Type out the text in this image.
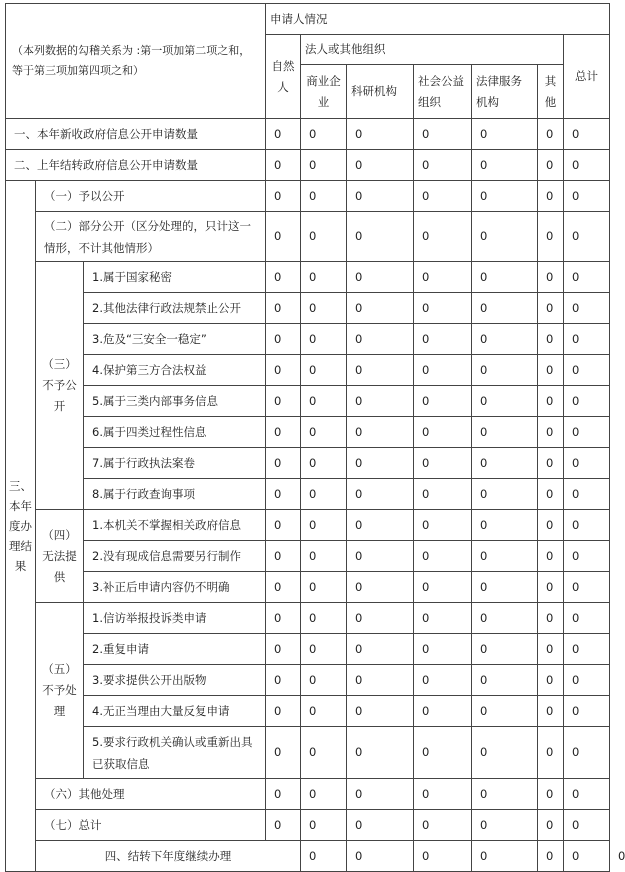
（本列数据的勾稽关系为 :第一项加第二项之和，等于第三项加第四项之和）			申请人情况							
			自然人	法人或其他组织					总计	
				商业企业	科研机构	社会公益组织	法律服务机构	其他		
一、本年新收政府信息公开申请数量			0	0	0	0	0	0	0	
二、上年结转政府信息公开申请数量			0	0	0	0	0	0	0	
三、本年度办理结果	（一）予以公开		0	0	0	0	0	0	0	
	（二）部分公开（区分处理的，只计这一情形，不计其他情形）		0	0	0	0	0	0	0	
	（三）不予公开	1.属于国家秘密	0	0	0	0	0	0	0	
		2.其他法律行政法规禁止公开	0	0	0	0	0	0	0	
		3.危及“三安全一稳定”	0	0	0	0	0	0	0	
		4.保护第三方合法权益	0	0	0	0	0	0	0	
		5.属于三类内部事务信息	0	0	0	0	0	0	0	
		6.属于四类过程性信息	0	0	0	0	0	0	0	
		7.属于行政执法案卷	0	0	0	0	0	0	0	
		8.属于行政查询事项	0	0	0	0	0	0	0	
	（四）无法提供	1.本机关不掌握相关政府信息	0	0	0	0	0	0	0	
		2.没有现成信息需要另行制作	0	0	0	0	0	0	0	
		3.补正后申请内容仍不明确	0	0	0	0	0	0	0	
	（五）不予处理	1.信访举报投诉类申请	0	0	0	0	0	0	0	
		2.重复申请	0	0	0	0	0	0	0	
		3.要求提供公开出版物	0	0	0	0	0	0	0	
		4.无正当理由大量反复申请	0	0	0	0	0	0	0	
		5.要求行政机关确认或重新出具已获取信息	0	0	0	0	0	0	0	
	（六）其他处理		0	0	0	0	0	0	0	
	（七）总计		0	0	0	0	0	0	0	
	四、结转下年度继续办理			0	0	0	0	0	0	0
